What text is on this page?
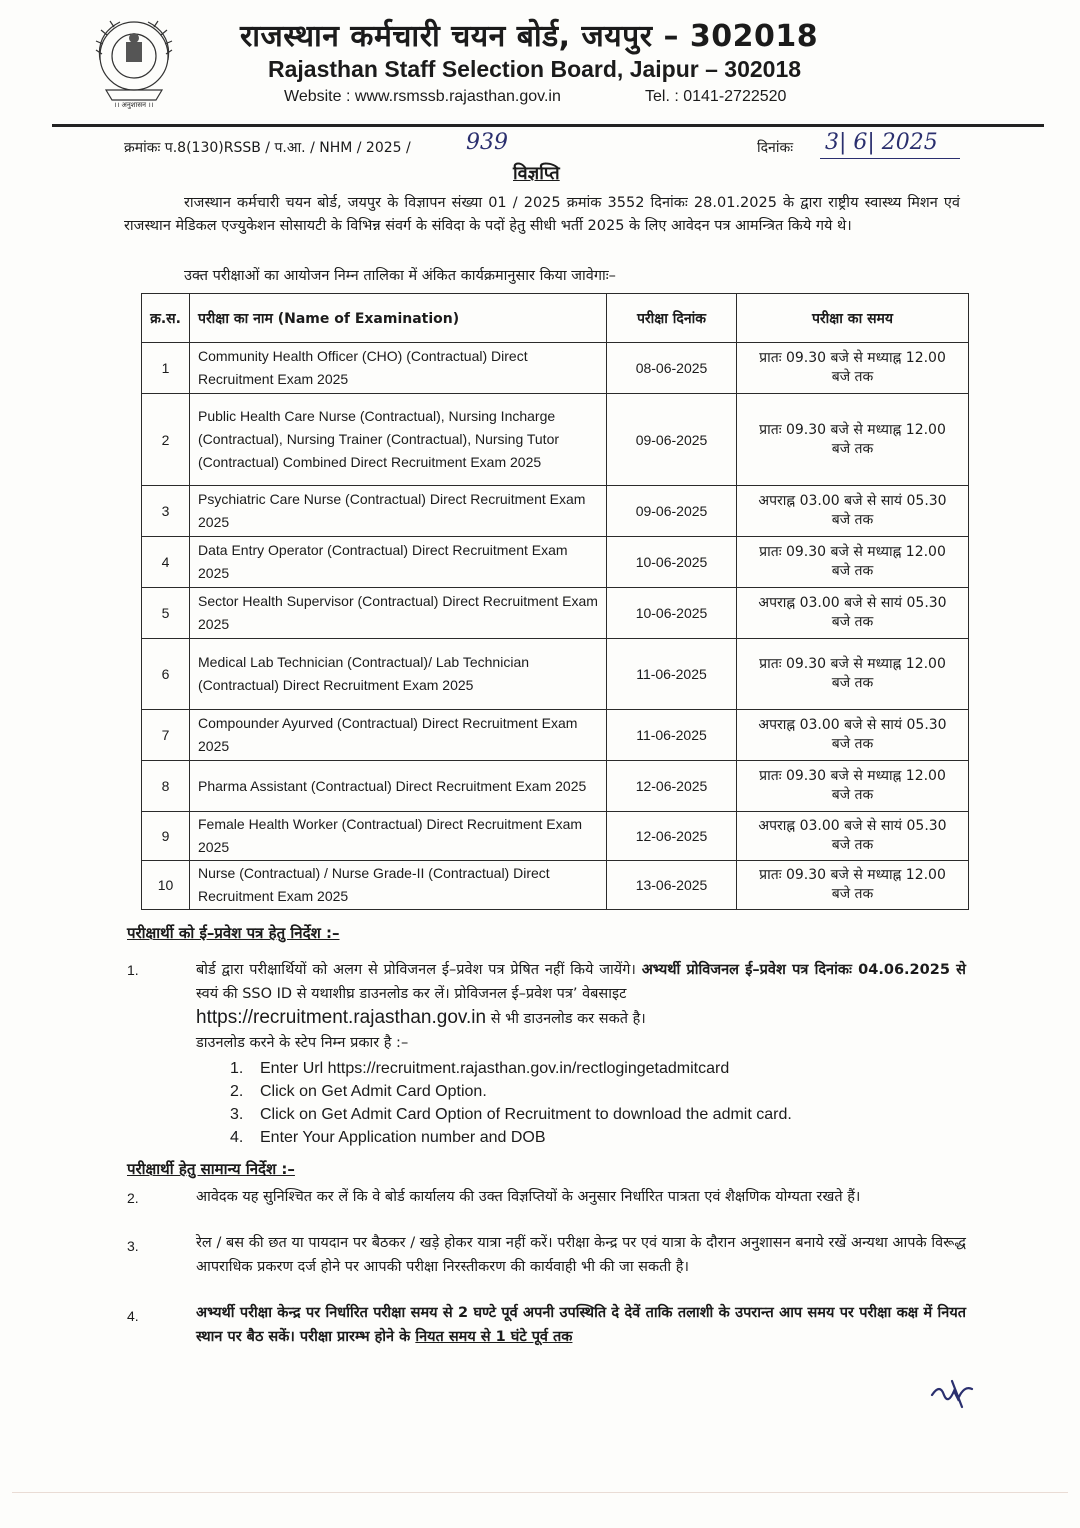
।। अनुशासन ।।
राजस्थान कर्मचारी चयन बोर्ड, जयपुर – 302018
Rajasthan Staff Selection Board, Jaipur – 302018
Website : www.rsmssb.rajasthan.gov.in	Tel. : 0141-2722520
क्रमांकः प.8(130)RSSB / प.आ. / NHM / 2025 /	939	दिनांकः 3| 6| 2025
विज्ञप्ति
राजस्थान कर्मचारी चयन बोर्ड, जयपुर के विज्ञापन संख्या 01 / 2025 क्रमांक 3552 दिनांकः 28.01.2025 के द्वारा राष्ट्रीय स्वास्थ्य मिशन एवं राजस्थान मेडिकल एज्युकेशन सोसायटी के विभिन्न संवर्ग के संविदा के पदों हेतु सीधी भर्ती 2025 के लिए आवेदन पत्र आमन्त्रित किये गये थे।
उक्त परीक्षाओं का आयोजन निम्न तालिका में अंकित कार्यक्रमानुसार किया जावेगाः–
क्र.स.	परीक्षा का नाम (Name of Examination)	परीक्षा दिनांक	परीक्षा का समय
1	Community Health Officer (CHO) (Contractual) Direct Recruitment Exam 2025	08-06-2025	प्रातः 09.30 बजे से मध्याह्न 12.00
बजे तक

2	Public Health Care Nurse (Contractual), Nursing Incharge (Contractual), Nursing Trainer (Contractual), Nursing Tutor (Contractual) Combined Direct Recruitment Exam 2025	09-06-2025	प्रातः 09.30 बजे से मध्याह्न 12.00
बजे तक

3	Psychiatric Care Nurse (Contractual) Direct Recruitment Exam 2025	09-06-2025	अपराह्न 03.00 बजे से सायं 05.30
बजे तक

4	Data Entry Operator (Contractual) Direct Recruitment Exam 2025	10-06-2025	प्रातः 09.30 बजे से मध्याह्न 12.00
बजे तक

5	Sector Health Supervisor (Contractual) Direct Recruitment Exam 2025	10-06-2025	अपराह्न 03.00 बजे से सायं 05.30
बजे तक

6	Medical Lab Technician (Contractual)/ Lab Technician (Contractual) Direct Recruitment Exam 2025	11-06-2025	प्रातः 09.30 बजे से मध्याह्न 12.00
बजे तक

7	Compounder Ayurved (Contractual) Direct Recruitment Exam 2025	11-06-2025	अपराह्न 03.00 बजे से सायं 05.30
बजे तक

8	Pharma Assistant (Contractual) Direct Recruitment Exam 2025	12-06-2025	प्रातः 09.30 बजे से मध्याह्न 12.00
बजे तक

9	Female Health Worker (Contractual) Direct Recruitment Exam 2025	12-06-2025	अपराह्न 03.00 बजे से सायं 05.30
बजे तक

10	Nurse (Contractual) / Nurse Grade-II (Contractual) Direct Recruitment Exam 2025	13-06-2025	प्रातः 09.30 बजे से मध्याह्न 12.00
बजे तक
परीक्षार्थी को ई–प्रवेश पत्र हेतु निर्देश :–
1.	बोर्ड द्वारा परीक्षार्थियों को अलग से प्रोविजनल ई–प्रवेश पत्र प्रेषित नहीं किये जायेंगे। अभ्यर्थी प्रोविजनल ई–प्रवेश पत्र दिनांकः 04.06.2025 से स्वयं की SSO ID से यथाशीघ्र डाउनलोड कर लें। प्रोविजनल ई–प्रवेश पत्र’ वेबसाइट
https://recruitment.rajasthan.gov.in से भी डाउनलोड कर सकते है।
डाउनलोड करने के स्टेप निम्न प्रकार है :–
1. Enter Url https://recruitment.rajasthan.gov.in/rectlogingetadmitcard
2. Click on Get Admit Card Option.
3. Click on Get Admit Card Option of Recruitment to download the admit card.
4. Enter Your Application number and DOB
परीक्षार्थी हेतु सामान्य निर्देश :–
2.	आवेदक यह सुनिश्चित कर लें कि वे बोर्ड कार्यालय की उक्त विज्ञप्तियों के अनुसार निर्धारित पात्रता एवं शैक्षणिक योग्यता रखते हैं।
3.	रेल / बस की छत या पायदान पर बैठकर / खड़े होकर यात्रा नहीं करें। परीक्षा केन्द्र पर एवं यात्रा के दौरान अनुशासन बनाये रखें अन्यथा आपके विरूद्ध आपराधिक प्रकरण दर्ज होने पर आपकी परीक्षा निरस्तीकरण की कार्यवाही भी की जा सकती है।
4.	अभ्यर्थी परीक्षा केन्द्र पर निर्धारित परीक्षा समय से 2 घण्टे पूर्व अपनी उपस्थिति दे देवें ताकि तलाशी के उपरान्त आप समय पर परीक्षा कक्ष में नियत स्थान पर बैठ सकें। परीक्षा प्रारम्भ होने के नियत समय से 1 घंटे पूर्व तक
